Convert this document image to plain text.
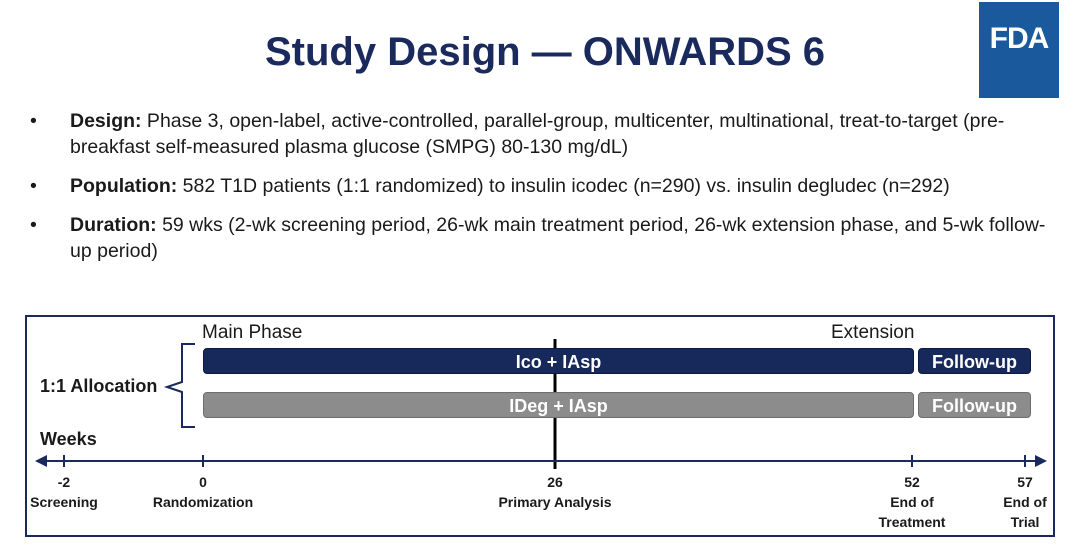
Study Design — ONWARDS 6	FDA
• Design: Phase 3, open-label, active-controlled, parallel-group, multicenter, multinational, treat-to-target (pre-breakfast self-measured plasma glucose (SMPG) 80-130 mg/dL)
• Population: 582 T1D patients (1:1 randomized) to insulin icodec (n=290) vs. insulin degludec (n=292)
• Duration: 59 wks (2-wk screening period, 26-wk main treatment period, 26-wk extension phase, and 5-wk follow-up period)
Main Phase	Extension
Ico + IAsp	Follow-up
IDeg + IAsp	Follow-up
1:1 Allocation
Weeks
-2
Screening
0
Randomization
26
Primary Analysis
52
End of Treatment
57
End of Trial
